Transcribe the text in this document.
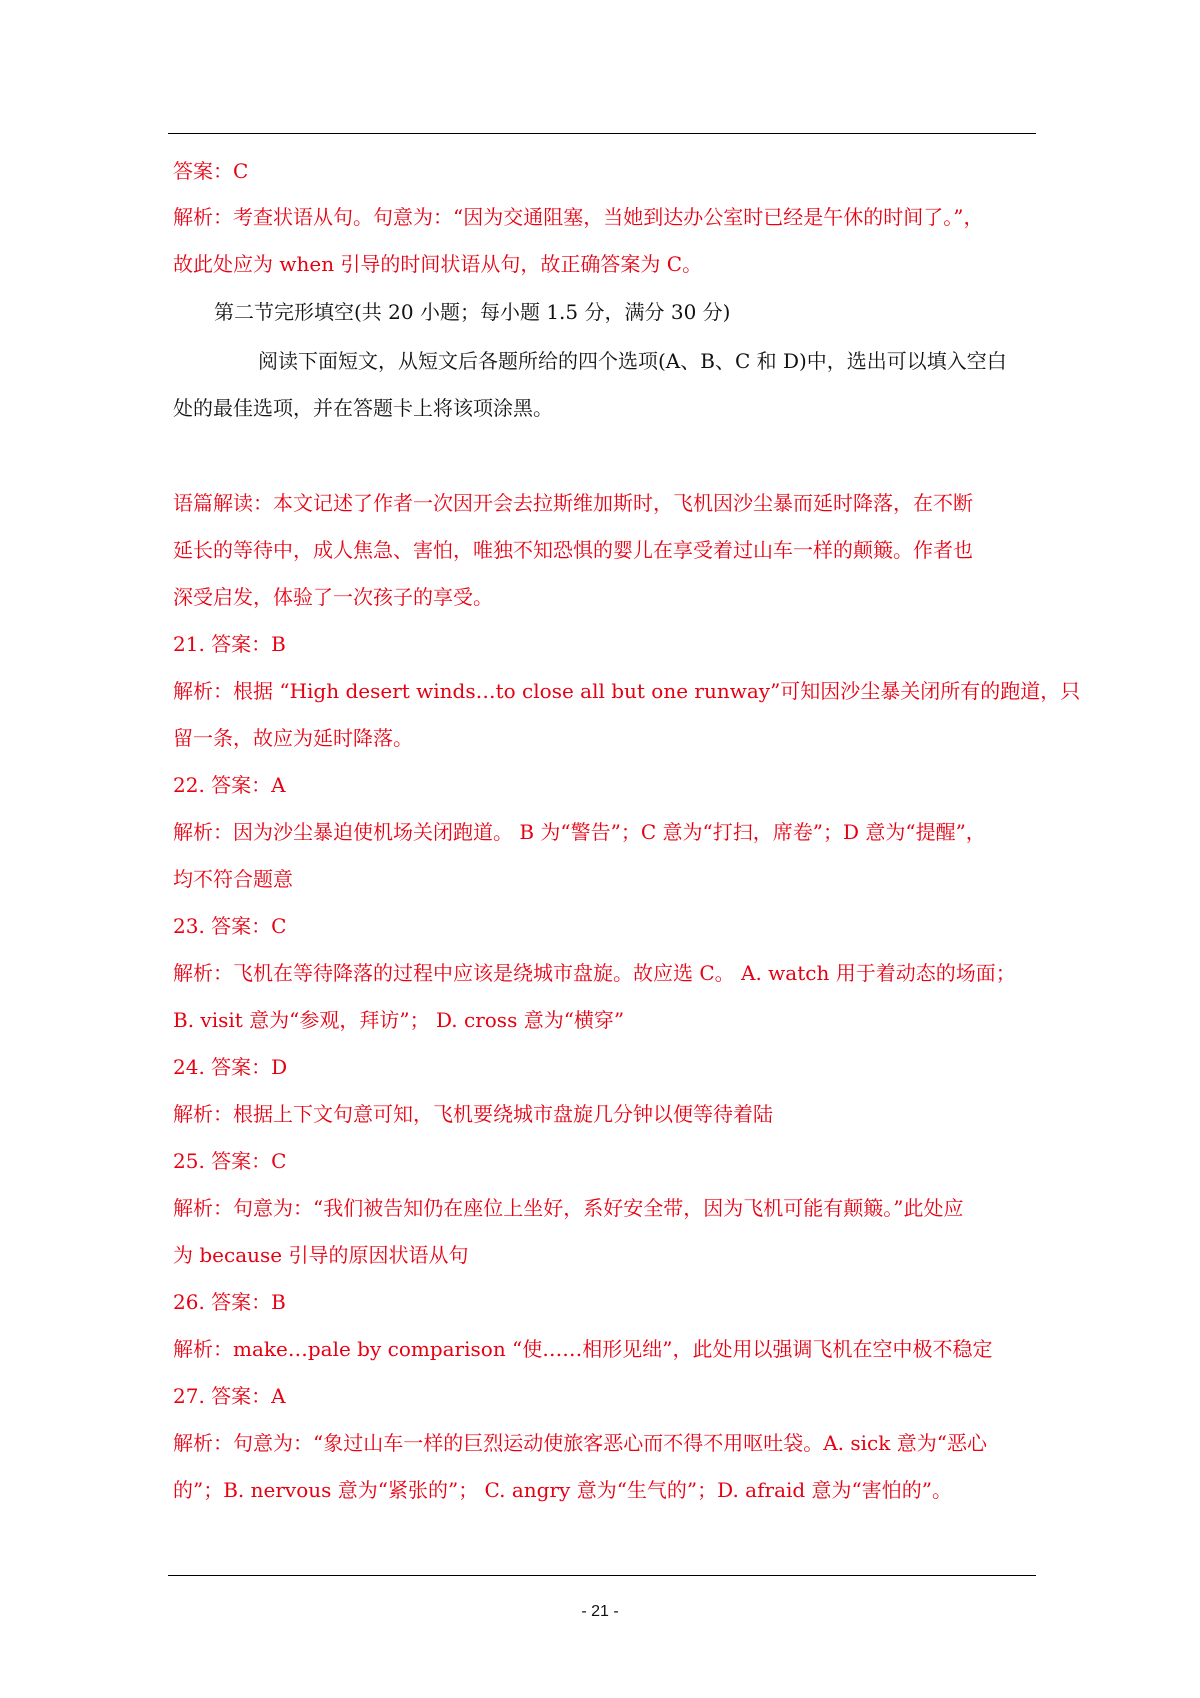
答案：C
解析：考查状语从句。句意为：“因为交通阻塞，当她到达办公室时已经是午休的时间了。”，
故此处应为 when 引导的时间状语从句，故正确答案为 C。
第二节完形填空(共 20 小题；每小题 1.5 分，满分 30 分)
阅读下面短文，从短文后各题所给的四个选项(A、B、C 和 D)中，选出可以填入空白
处的最佳选项，并在答题卡上将该项涂黑。
语篇解读：本文记述了作者一次因开会去拉斯维加斯时，飞机因沙尘暴而延时降落，在不断
延长的等待中，成人焦急、害怕，唯独不知恐惧的婴儿在享受着过山车一样的颠簸。作者也
深受启发，体验了一次孩子的享受。
21. 答案：B
解析：根据 “High desert winds…to close all but one runway”可知因沙尘暴关闭所有的跑道，只
留一条，故应为延时降落。
22. 答案：A
解析：因为沙尘暴迫使机场关闭跑道。 B 为“警告”；C 意为“打扫，席卷”；D 意为“提醒”，
均不符合题意
23. 答案：C
解析：飞机在等待降落的过程中应该是绕城市盘旋。故应选 C。 A. watch 用于着动态的场面；
B. visit 意为“参观，拜访”； D. cross 意为“横穿”
24. 答案：D
解析：根据上下文句意可知，飞机要绕城市盘旋几分钟以便等待着陆
25. 答案：C
解析：句意为：“我们被告知仍在座位上坐好，系好安全带，因为飞机可能有颠簸。”此处应
为 because 引导的原因状语从句
26. 答案：B
解析：make…pale by comparison “使……相形见绌”，此处用以强调飞机在空中极不稳定
27. 答案：A
解析：句意为：“象过山车一样的巨烈运动使旅客恶心而不得不用呕吐袋。A. sick 意为“恶心
的”；B. nervous 意为“紧张的”； C. angry 意为“生气的”；D. afraid 意为“害怕的”。
- 21 -
